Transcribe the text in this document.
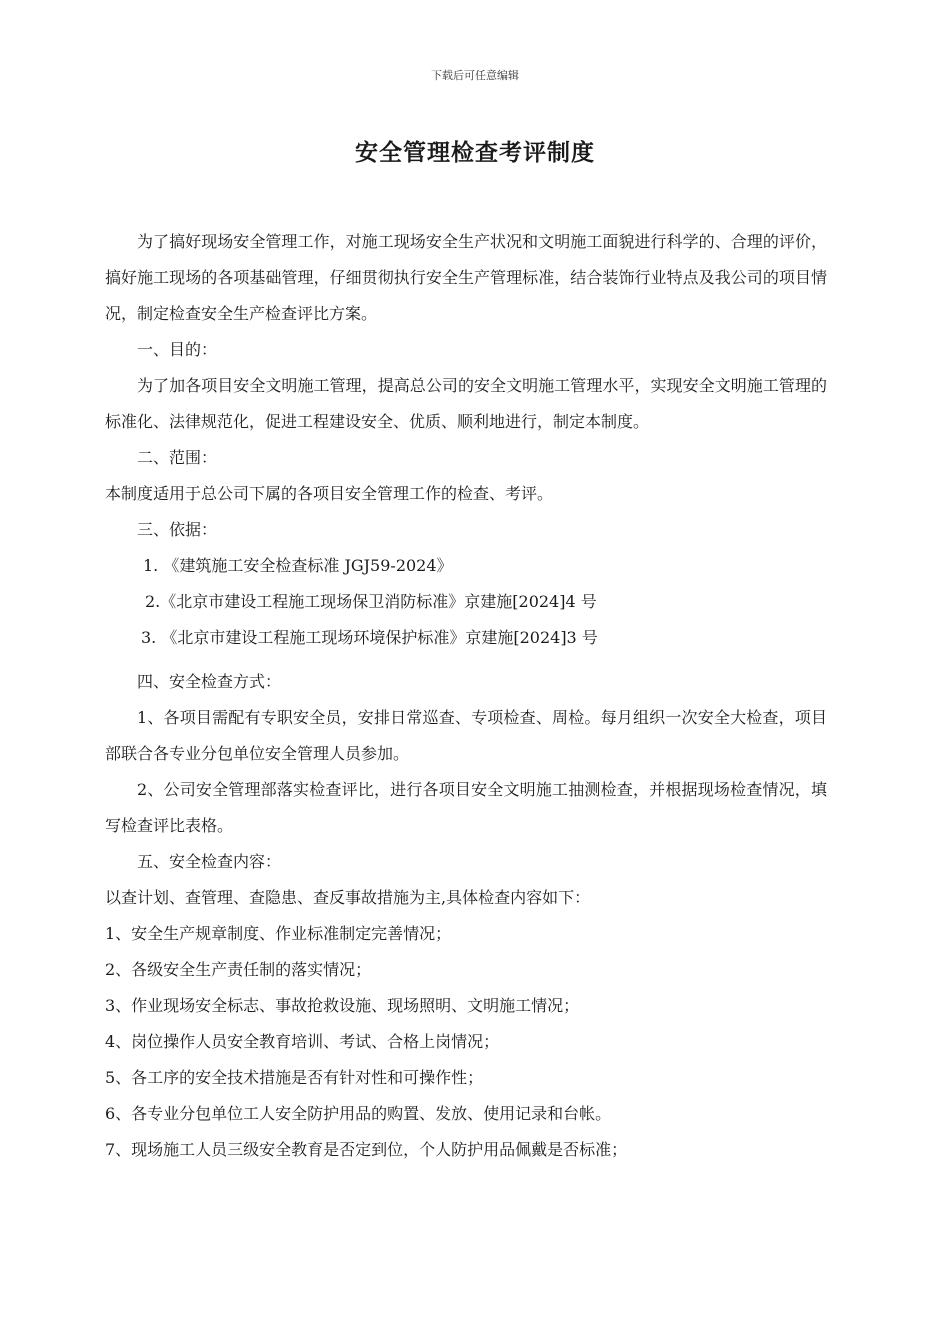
下载后可任意编辑
安全管理检查考评制度

为了搞好现场安全管理工作，对施工现场安全生产状况和文明施工面貌进行科学的、合理的评价，搞好施工现场的各项基础管理，仔细贯彻执行安全生产管理标准，结合装饰行业特点及我公司的项目情况，制定检查安全生产检查评比方案。

一、目的：

为了加各项目安全文明施工管理，提高总公司的安全文明施工管理水平，实现安全文明施工管理的标准化、法律规范化，促进工程建设安全、优质、顺利地进行，制定本制度。

二、范围：

本制度适用于总公司下属的各项目安全管理工作的检查、考评。

三、依据：

1. 《建筑施工安全检查标准 JGJ59-2024》

2.《北京市建设工程施工现场保卫消防标准》京建施[2024]4 号

3. 《北京市建设工程施工现场环境保护标准》京建施[2024]3 号

四、安全检查方式：

1、各项目需配有专职安全员，安排日常巡查、专项检查、周检。每月组织一次安全大检查，项目部联合各专业分包单位安全管理人员参加。

2、公司安全管理部落实检查评比，进行各项目安全文明施工抽测检查，并根据现场检查情况，填写检查评比表格。

五、安全检查内容：

以查计划、查管理、查隐患、查反事故措施为主,具体检查内容如下：

1、安全生产规章制度、作业标准制定完善情况；

2、各级安全生产责任制的落实情况；

3、作业现场安全标志、事故抢救设施、现场照明、文明施工情况；

4、岗位操作人员安全教育培训、考试、合格上岗情况；

5、各工序的安全技术措施是否有针对性和可操作性；

6、各专业分包单位工人安全防护用品的购置、发放、使用记录和台帐。

7、现场施工人员三级安全教育是否定到位，个人防护用品佩戴是否标准；
